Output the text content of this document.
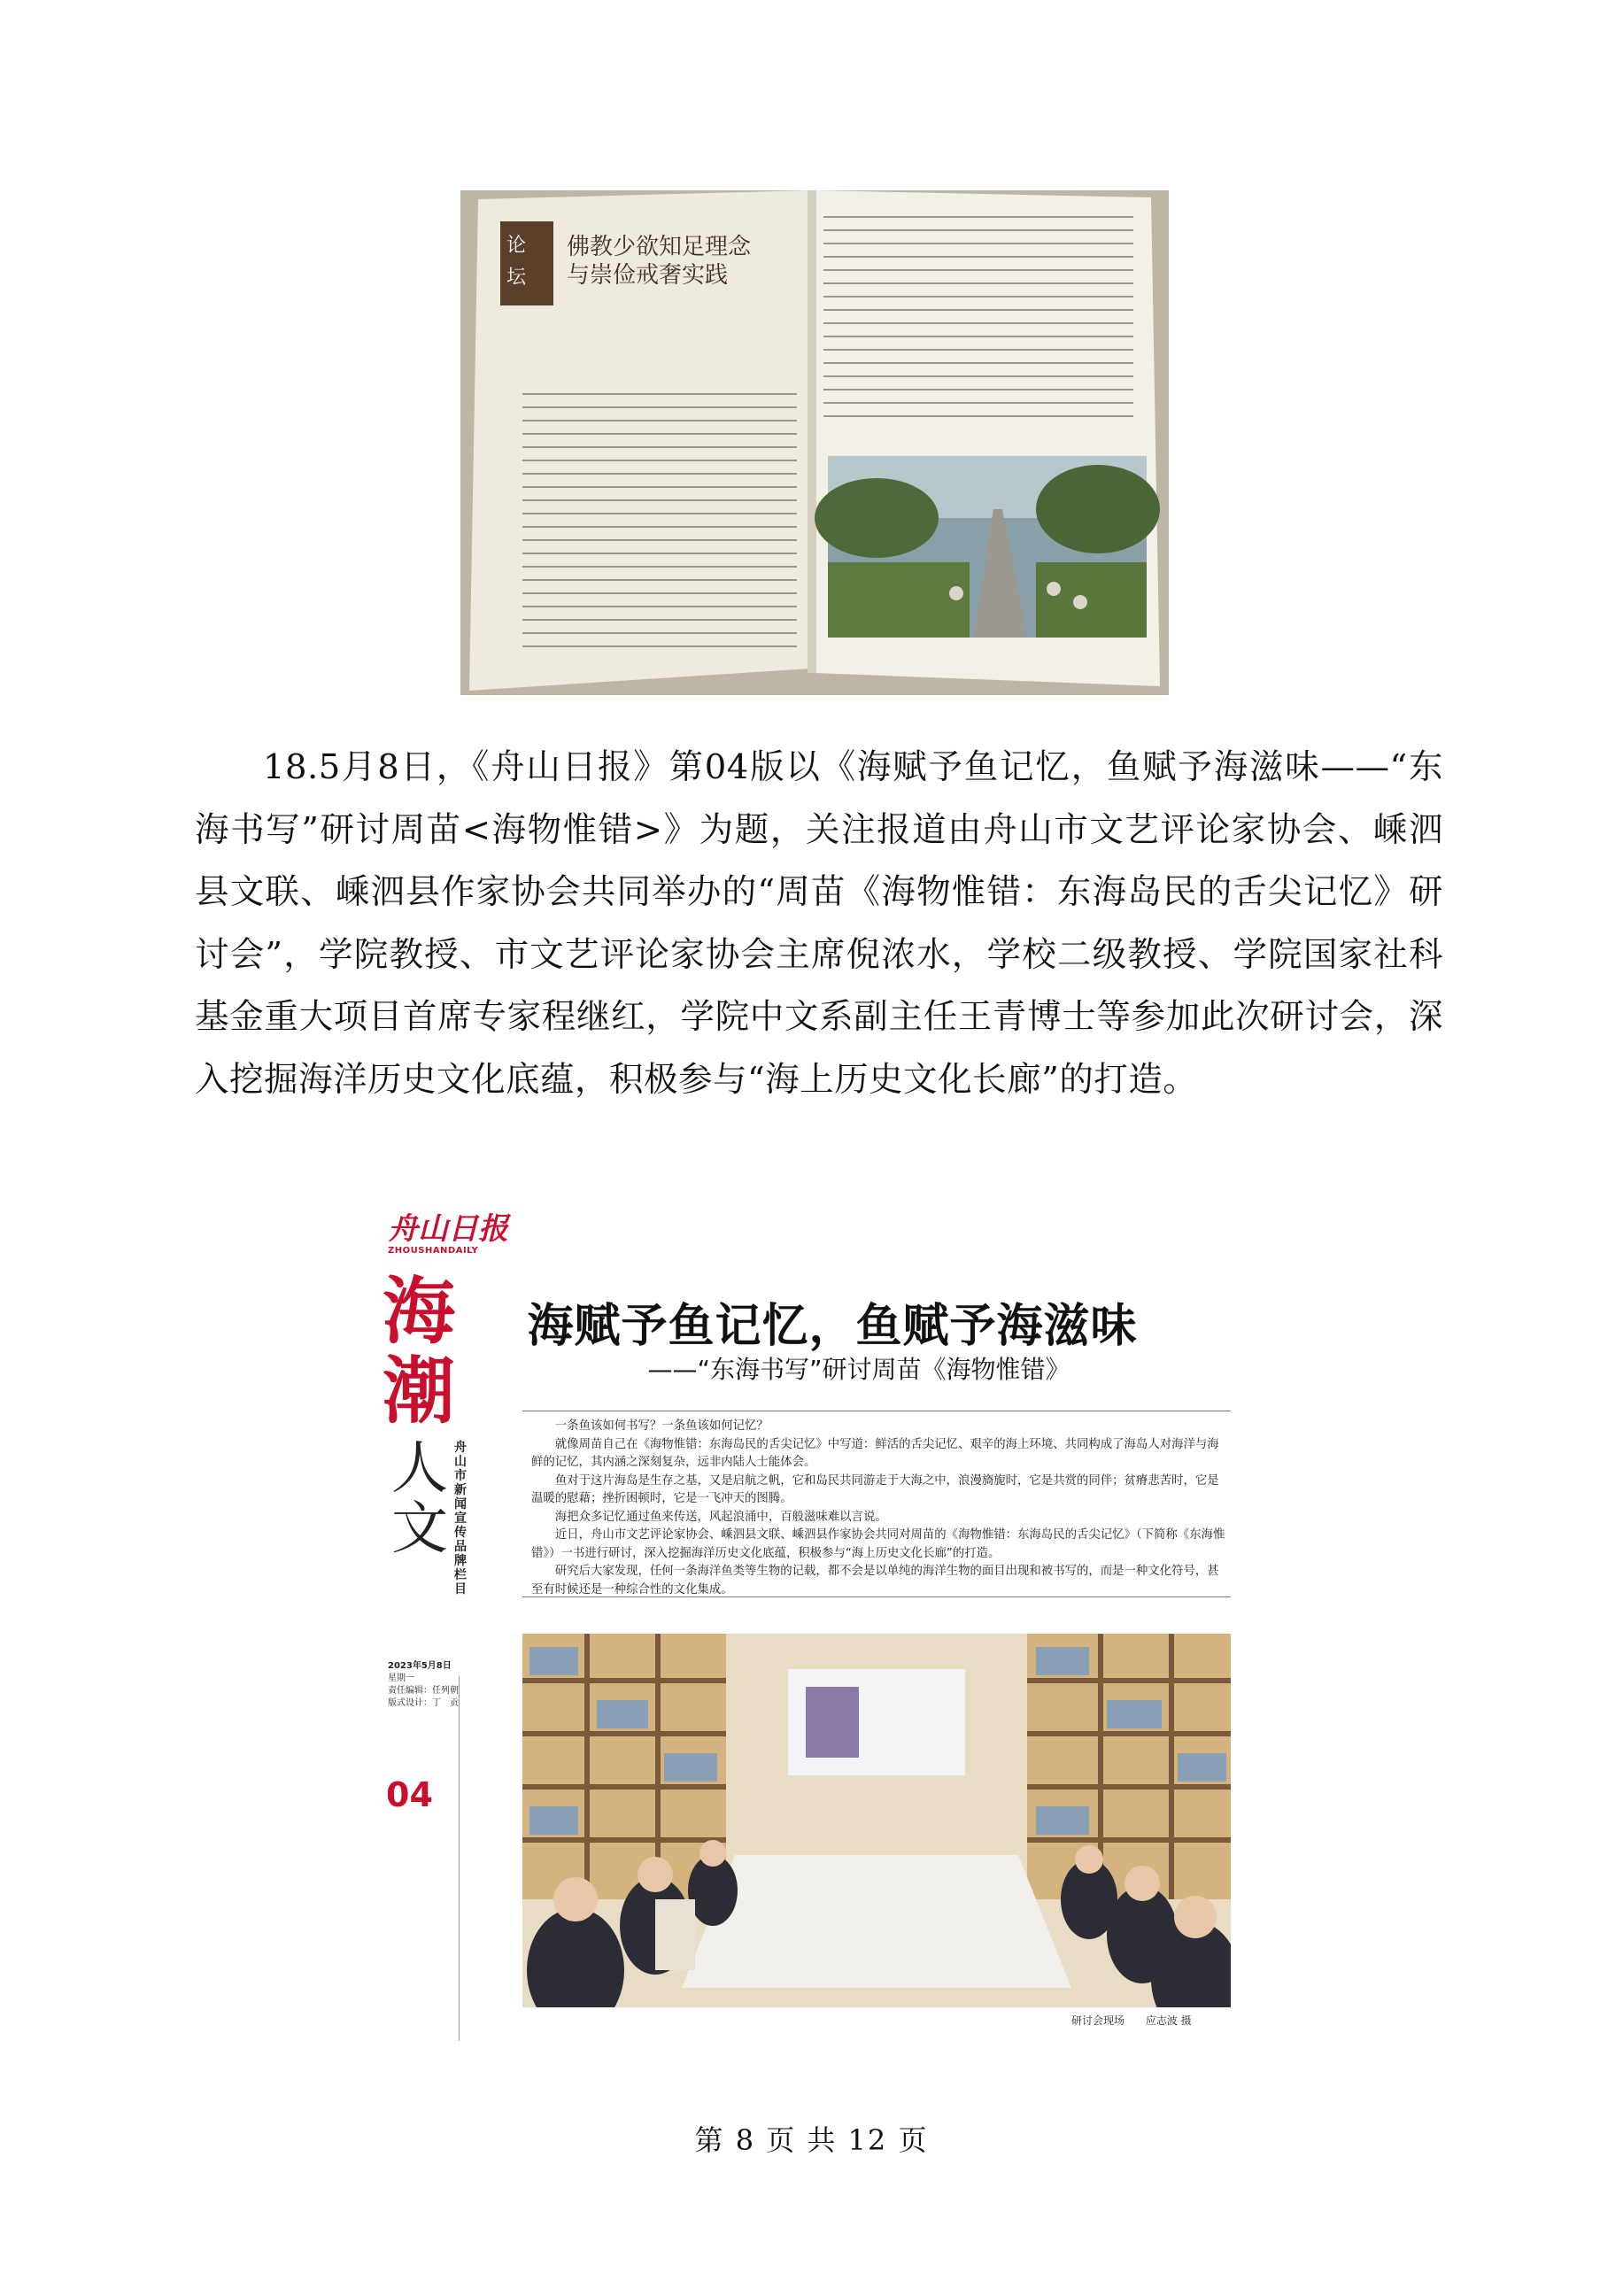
佛教少欲知足理念
与崇俭戒奢实践
论坛
18.5月8日，《舟山日报》第04版以《海赋予鱼记忆，鱼赋予海滋味——“东海书写”研讨周苗<海物惟错>》为题，关注报道由舟山市文艺评论家协会、嵊泗县文联、嵊泗县作家协会共同举办的“周苗《海物惟错：东海岛民的舌尖记忆》研讨会”，学院教授、市文艺评论家协会主席倪浓水，学校二级教授、学院国家社科基金重大项目首席专家程继红，学院中文系副主任王青博士等参加此次研讨会，深入挖掘海洋历史文化底蕴，积极参与“海上历史文化长廊”的打造。
舟山日报
ZHOUSHANDAILY
海
潮
人
文
舟山市新闻宣传品牌栏目
2023年5月8日
星期一
责任编辑：任列朝
版式设计：丁　贡
04
海赋予鱼记忆，鱼赋予海滋味
——“东海书写”研讨周苗《海物惟错》

一条鱼该如何书写？一条鱼该如何记忆？

就像周苗自己在《海物惟错：东海岛民的舌尖记忆》中写道：鲜活的舌尖记忆、艰辛的海上环境、共同构成了海岛人对海洋与海鲜的记忆，其内涵之深刻复杂，远非内陆人士能体会。

鱼对于这片海岛是生存之基，又是启航之帆，它和岛民共同游走于大海之中，浪漫旖旎时，它是共赏的同伴；贫瘠悲苦时，它是温暖的慰藉；挫折困顿时，它是一飞冲天的图腾。

海把众多记忆通过鱼来传送，风起浪涌中，百般滋味难以言说。

近日，舟山市文艺评论家协会、嵊泗县文联、嵊泗县作家协会共同对周苗的《海物惟错：东海岛民的舌尖记忆》（下简称《东海惟错》）一书进行研讨，深入挖掘海洋历史文化底蕴，积极参与“海上历史文化长廊”的打造。

研究后大家发现，任何一条海洋鱼类等生物的记载，都不会是以单纯的海洋生物的面目出现和被书写的，而是一种文化符号，甚至有时候还是一种综合性的文化集成。

研讨会现场 应志波 摄
第 8 页 共 12 页
